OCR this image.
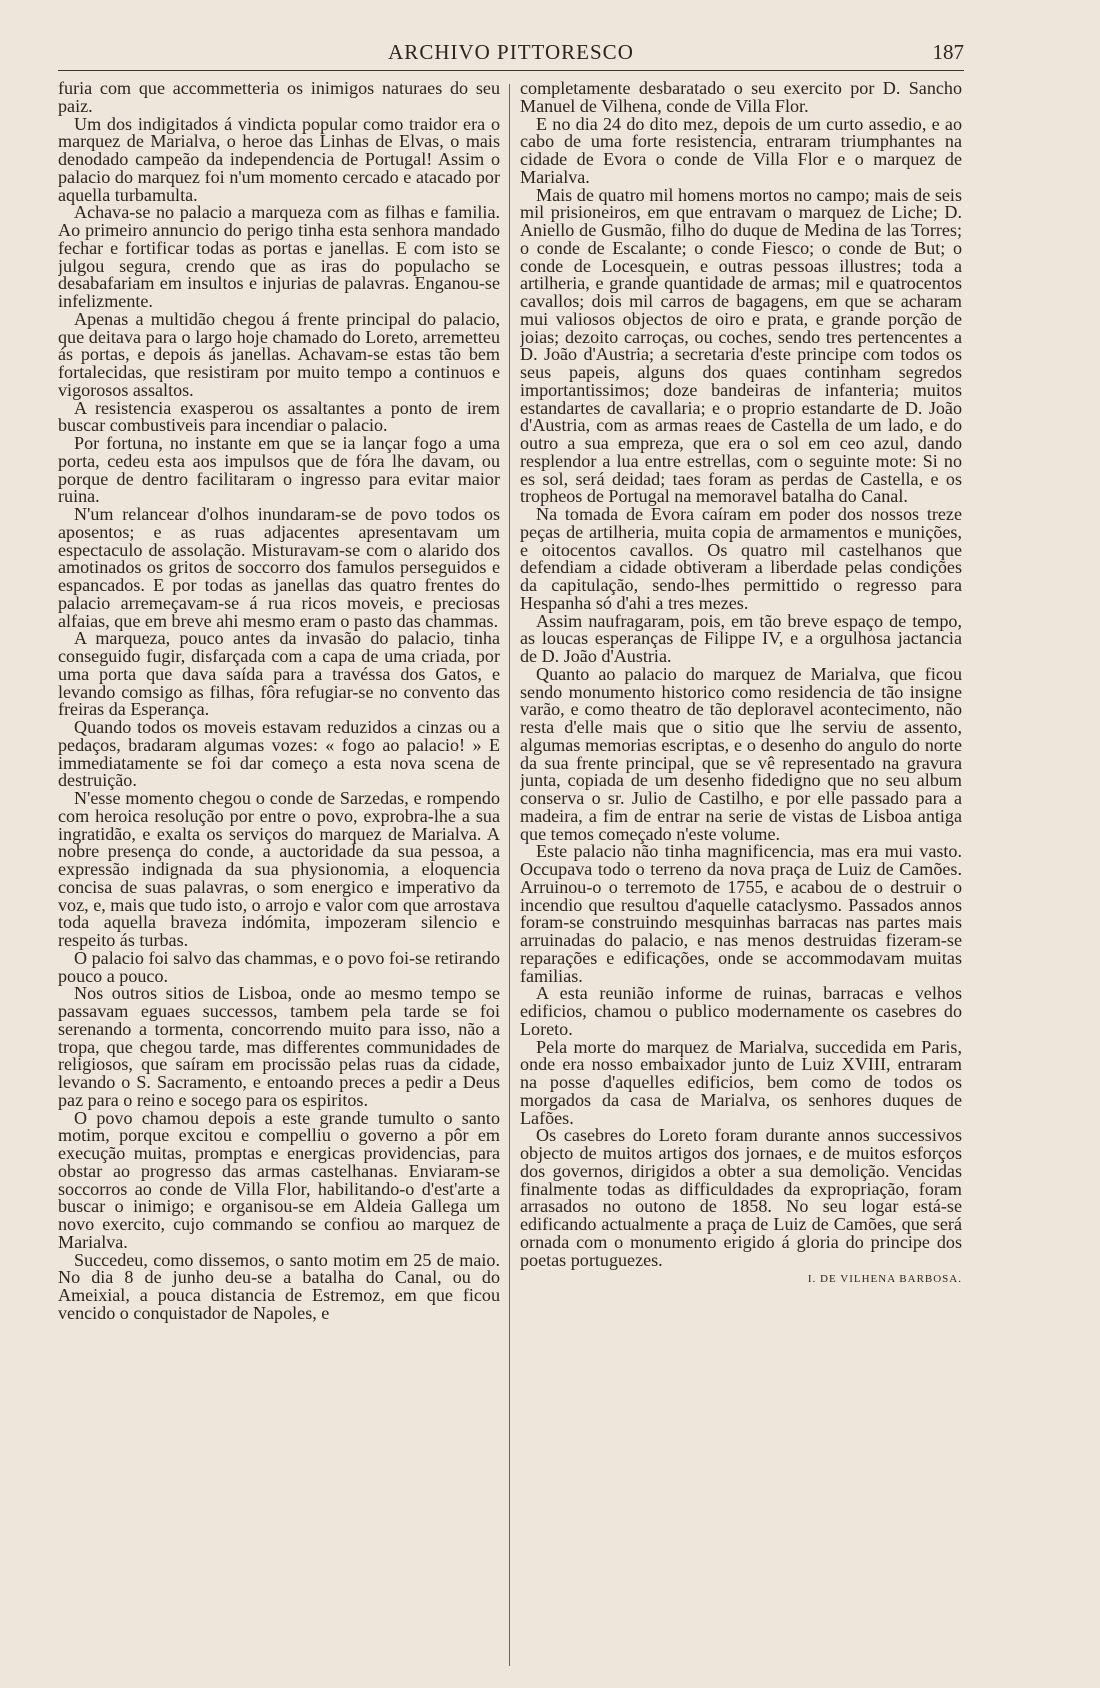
ARCHIVO PITTORESCO	187

furia com que accommetteria os inimigos naturaes do seu paiz.

Um dos indigitados á vindicta popular como traidor era o marquez de Marialva, o heroe das Linhas de Elvas, o mais denodado campeão da independencia de Portugal! Assim o palacio do marquez foi n'um momento cercado e atacado por aquella turbamulta.

Achava-se no palacio a marqueza com as filhas e familia. Ao primeiro annuncio do perigo tinha esta senhora mandado fechar e fortificar todas as portas e janellas. E com isto se julgou segura, crendo que as iras do populacho se desabafariam em insultos e injurias de palavras. Enganou-se infelizmente.

Apenas a multidão chegou á frente principal do palacio, que deitava para o largo hoje chamado do Loreto, arremetteu ás portas, e depois ás janellas. Achavam-se estas tão bem fortalecidas, que resistiram por muito tempo a continuos e vigorosos assaltos.

A resistencia exasperou os assaltantes a ponto de irem buscar combustiveis para incendiar o palacio.

Por fortuna, no instante em que se ia lançar fogo a uma porta, cedeu esta aos impulsos que de fóra lhe davam, ou porque de dentro facilitaram o ingresso para evitar maior ruina.

N'um relancear d'olhos inundaram-se de povo todos os aposentos; e as ruas adjacentes apresentavam um espectaculo de assolação. Misturavam-se com o alarido dos amotinados os gritos de soccorro dos famulos perseguidos e espancados. E por todas as janellas das quatro frentes do palacio arremeçavam-se á rua ricos moveis, e preciosas alfaias, que em breve ahi mesmo eram o pasto das chammas.

A marqueza, pouco antes da invasão do palacio, tinha conseguido fugir, disfarçada com a capa de uma criada, por uma porta que dava saída para a travéssa dos Gatos, e levando comsigo as filhas, fôra refugiar-se no convento das freiras da Esperança.

Quando todos os moveis estavam reduzidos a cinzas ou a pedaços, bradaram algumas vozes: « fogo ao palacio! » E immediatamente se foi dar começo a esta nova scena de destruição.

N'esse momento chegou o conde de Sarzedas, e rompendo com heroica resolução por entre o povo, exprobra-lhe a sua ingratidão, e exalta os serviços do marquez de Marialva. A nobre presença do conde, a auctoridade da sua pessoa, a expressão indignada da sua physionomia, a eloquencia concisa de suas palavras, o som energico e imperativo da voz, e, mais que tudo isto, o arrojo e valor com que arrostava toda aquella braveza indómita, impozeram silencio e respeito ás turbas.

O palacio foi salvo das chammas, e o povo foi-se retirando pouco a pouco.

Nos outros sitios de Lisboa, onde ao mesmo tempo se passavam eguaes successos, tambem pela tarde se foi serenando a tormenta, concorrendo muito para isso, não a tropa, que chegou tarde, mas differentes communidades de religiosos, que saíram em procissão pelas ruas da cidade, levando o S. Sacramento, e entoando preces a pedir a Deus paz para o reino e socego para os espiritos.

O povo chamou depois a este grande tumulto o santo motim, porque excitou e compelliu o governo a pôr em execução muitas, promptas e energicas providencias, para obstar ao progresso das armas castelhanas. Enviaram-se soccorros ao conde de Villa Flor, habilitando-o d'est'arte a buscar o inimigo; e organisou-se em Aldeia Gallega um novo exercito, cujo commando se confiou ao marquez de Marialva.

Succedeu, como dissemos, o santo motim em 25 de maio. No dia 8 de junho deu-se a batalha do Canal, ou do Ameixial, a pouca distancia de Estremoz, em que ficou vencido o conquistador de Napoles, e

completamente desbaratado o seu exercito por D. Sancho Manuel de Vilhena, conde de Villa Flor.

E no dia 24 do dito mez, depois de um curto assedio, e ao cabo de uma forte resistencia, entraram triumphantes na cidade de Evora o conde de Villa Flor e o marquez de Marialva.

Mais de quatro mil homens mortos no campo; mais de seis mil prisioneiros, em que entravam o marquez de Liche; D. Aniello de Gusmão, filho do duque de Medina de las Torres; o conde de Escalante; o conde Fiesco; o conde de But; o conde de Locesquein, e outras pessoas illustres; toda a artilheria, e grande quantidade de armas; mil e quatrocentos cavallos; dois mil carros de bagagens, em que se acharam mui valiosos objectos de oiro e prata, e grande porção de joias; dezoito carroças, ou coches, sendo tres pertencentes a D. João d'Austria; a secretaria d'este principe com todos os seus papeis, alguns dos quaes continham segredos importantissimos; doze bandeiras de infanteria; muitos estandartes de cavallaria; e o proprio estandarte de D. João d'Austria, com as armas reaes de Castella de um lado, e do outro a sua empreza, que era o sol em ceo azul, dando resplendor a lua entre estrellas, com o seguinte mote: Si no es sol, será deidad; taes foram as perdas de Castella, e os tropheos de Portugal na memoravel batalha do Canal.

Na tomada de Evora caíram em poder dos nossos treze peças de artilheria, muita copia de armamentos e munições, e oitocentos cavallos. Os quatro mil castelhanos que defendiam a cidade obtiveram a liberdade pelas condições da capitulação, sendo-lhes permittido o regresso para Hespanha só d'ahi a tres mezes.

Assim naufragaram, pois, em tão breve espaço de tempo, as loucas esperanças de Filippe IV, e a orgulhosa jactancia de D. João d'Austria.

Quanto ao palacio do marquez de Marialva, que ficou sendo monumento historico como residencia de tão insigne varão, e como theatro de tão deploravel acontecimento, não resta d'elle mais que o sitio que lhe serviu de assento, algumas memorias escriptas, e o desenho do angulo do norte da sua frente principal, que se vê representado na gravura junta, copiada de um desenho fidedigno que no seu album conserva o sr. Julio de Castilho, e por elle passado para a madeira, a fim de entrar na serie de vistas de Lisboa antiga que temos começado n'este volume.

Este palacio não tinha magnificencia, mas era mui vasto. Occupava todo o terreno da nova praça de Luiz de Camões. Arruinou-o o terremoto de 1755, e acabou de o destruir o incendio que resultou d'aquelle cataclysmo. Passados annos foram-se construindo mesquinhas barracas nas partes mais arruinadas do palacio, e nas menos destruidas fizeram-se reparações e edificações, onde se accommodavam muitas familias.

A esta reunião informe de ruinas, barracas e velhos edificios, chamou o publico modernamente os casebres do Loreto.

Pela morte do marquez de Marialva, succedida em Paris, onde era nosso embaixador junto de Luiz XVIII, entraram na posse d'aquelles edificios, bem como de todos os morgados da casa de Marialva, os senhores duques de Lafões.

Os casebres do Loreto foram durante annos successivos objecto de muitos artigos dos jornaes, e de muitos esforços dos governos, dirigidos a obter a sua demolição. Vencidas finalmente todas as difficuldades da expropriação, foram arrasados no outono de 1858. No seu logar está-se edificando actualmente a praça de Luiz de Camões, que será ornada com o monumento erigido á gloria do principe dos poetas portuguezes.

I. DE VILHENA BARBOSA.
